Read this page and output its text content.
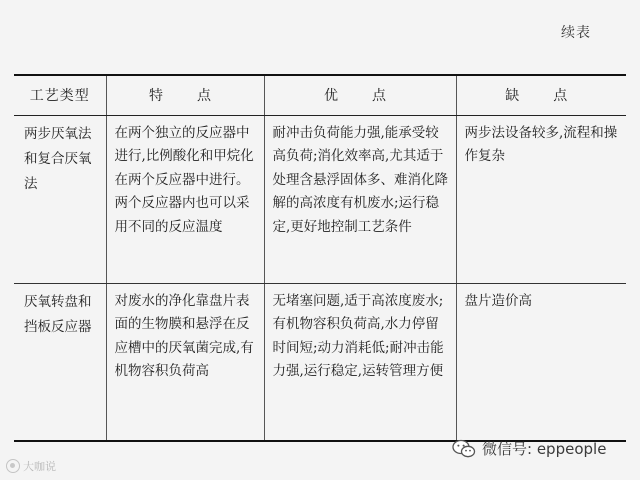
续表
工艺类型	特　点	优　点	缺　点

两步厌氧法和复合厌氧法	在两个独立的反应器中进行,比例酸化和甲烷化在两个反应器中进行。两个反应器内也可以采用不同的反应温度	耐冲击负荷能力强,能承受较高负荷;消化效率高,尤其适于处理含悬浮固体多、难消化降解的高浓度有机废水;运行稳定,更好地控制工艺条件	两步法设备较多,流程和操作复杂

厌氧转盘和挡板反应器	对废水的净化靠盘片表面的生物膜和悬浮在反应槽中的厌氧菌完成,有机物容积负荷高	无堵塞问题,适于高浓度废水;有机物容积负荷高,水力停留时间短;动力消耗低;耐冲击能力强,运行稳定,运转管理方便	盘片造价高
大咖说
微信号: eppeople
